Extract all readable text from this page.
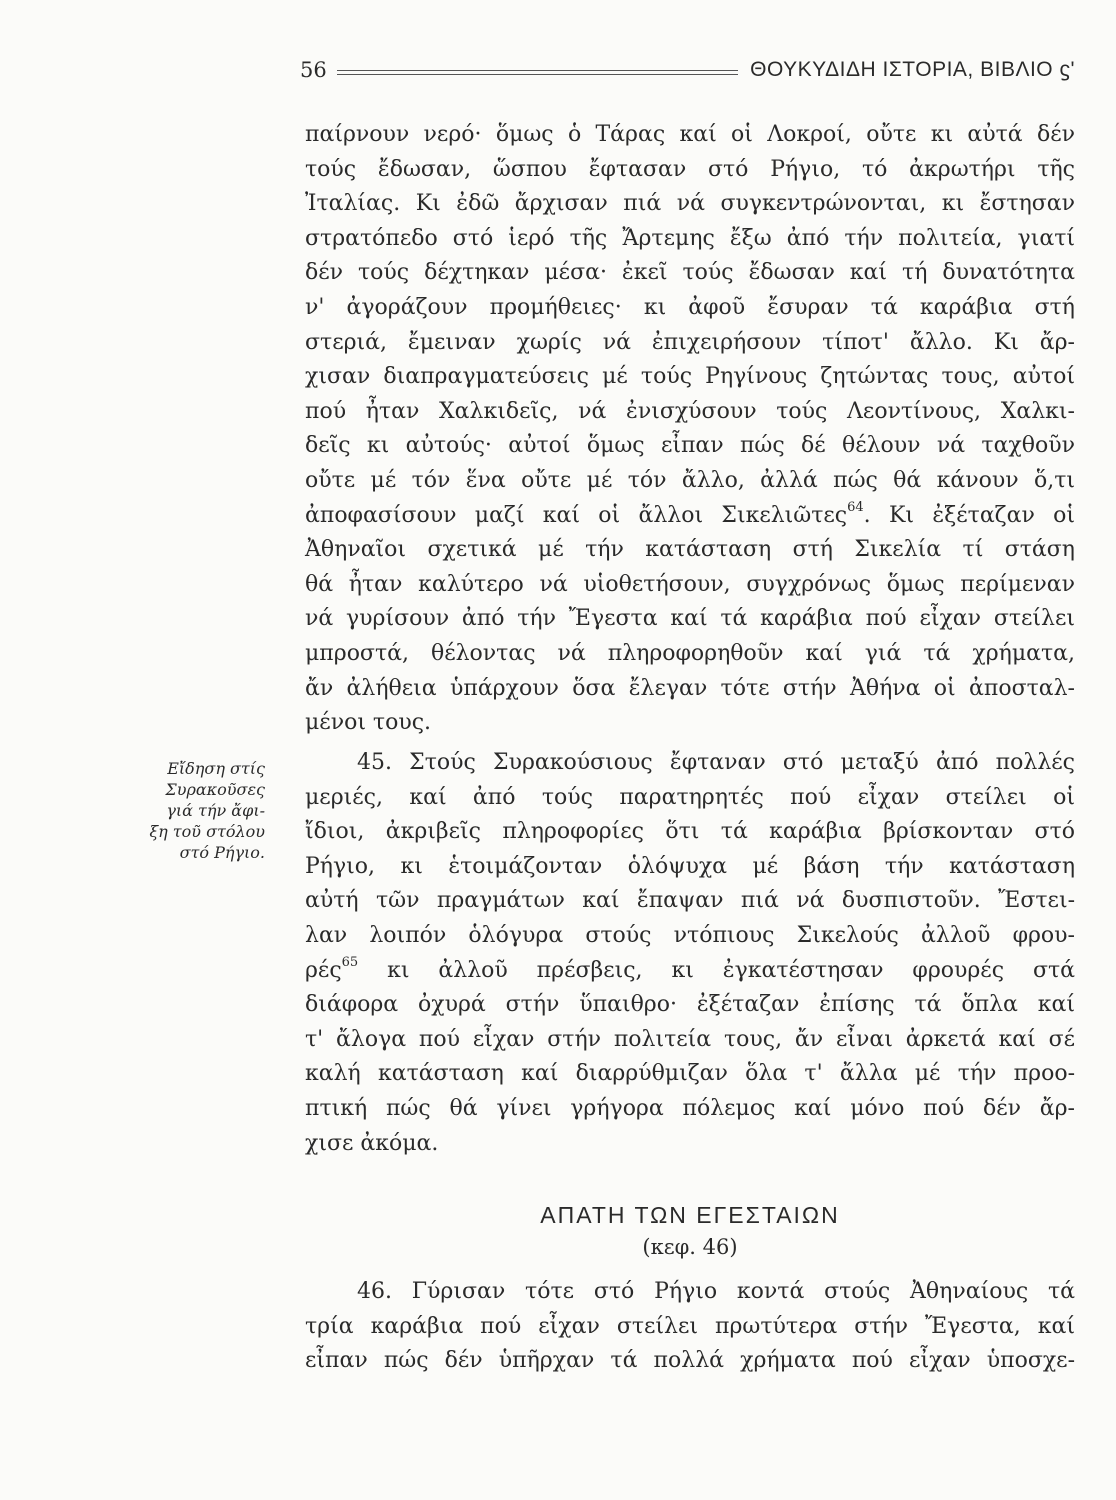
56	ΘΟΥΚΥΔΙΔΗ ΙΣΤΟΡΙΑ, ΒΙΒΛΙΟ ϛ'
Εἴδηση στίς
Συρακοῦσες
γιά τήν ἄφι-
ξη τοῦ στόλου
στό Ρήγιο.
παίρνουν νερό· ὅμως ὁ Τάρας καί οἱ Λοκροί, οὔτε κι αὐτά δέν
τούς ἔδωσαν, ὥσπου ἔφτασαν στό Ρήγιο, τό ἀκρωτήρι τῆς
Ἰταλίας. Κι ἐδῶ ἄρχισαν πιά νά συγκεντρώνονται, κι ἔστησαν
στρατόπεδο στό ἱερό τῆς Ἄρτεμης ἔξω ἀπό τήν πολιτεία, γιατί
δέν τούς δέχτηκαν μέσα· ἐκεῖ τούς ἔδωσαν καί τή δυνατότητα
ν' ἀγοράζουν προμήθειες· κι ἀφοῦ ἔσυραν τά καράβια στή
στεριά, ἔμειναν χωρίς νά ἐπιχειρήσουν τίποτ' ἄλλο. Κι ἄρ-
χισαν διαπραγματεύσεις μέ τούς Ρηγίνους ζητώντας τους, αὐτοί
πού ἦταν Χαλκιδεῖς, νά ἐνισχύσουν τούς Λεοντίνους, Χαλκι-
δεῖς κι αὐτούς· αὐτοί ὅμως εἶπαν πώς δέ θέλουν νά ταχθοῦν
οὔτε μέ τόν ἕνα οὔτε μέ τόν ἄλλο, ἀλλά πώς θά κάνουν ὅ,τι
ἀποφασίσουν μαζί καί οἱ ἄλλοι Σικελιῶτες$^{64}$. Κι ἐξέταζαν οἱ
Ἀθηναῖοι σχετικά μέ τήν κατάσταση στή Σικελία τί στάση
θά ἦταν καλύτερο νά υἱοθετήσουν, συγχρόνως ὅμως περίμεναν
νά γυρίσουν ἀπό τήν Ἔγεστα καί τά καράβια πού εἶχαν στείλει
μπροστά, θέλοντας νά πληροφορηθοῦν καί γιά τά χρήματα,
ἄν ἀλήθεια ὑπάρχουν ὅσα ἔλεγαν τότε στήν Ἀθήνα οἱ ἀποσταλ-
μένοι τους.
45. Στούς Συρακούσιους ἔφταναν στό μεταξύ ἀπό πολλές
μεριές, καί ἀπό τούς παρατηρητές πού εἶχαν στείλει οἱ
ἴδιοι, ἀκριβεῖς πληροφορίες ὅτι τά καράβια βρίσκονταν στό
Ρήγιο, κι ἑτοιμάζονταν ὁλόψυχα μέ βάση τήν κατάσταση
αὐτή τῶν πραγμάτων καί ἔπαψαν πιά νά δυσπιστοῦν. Ἔστει-
λαν λοιπόν ὁλόγυρα στούς ντόπιους Σικελούς ἀλλοῦ φρου-
ρές$^{65}$ κι ἀλλοῦ πρέσβεις, κι ἐγκατέστησαν φρουρές στά
διάφορα ὀχυρά στήν ὕπαιθρο· ἐξέταζαν ἐπίσης τά ὅπλα καί
τ' ἄλογα πού εἶχαν στήν πολιτεία τους, ἄν εἶναι ἀρκετά καί σέ
καλή κατάσταση καί διαρρύθμιζαν ὅλα τ' ἄλλα μέ τήν προο-
πτική πώς θά γίνει γρήγορα πόλεμος καί μόνο πού δέν ἄρ-
χισε ἀκόμα.
ΑΠΑΤΗ ΤΩΝ ΕΓΕΣΤΑΙΩΝ
(κεφ. 46)
46. Γύρισαν τότε στό Ρήγιο κοντά στούς Ἀθηναίους τά
τρία καράβια πού εἶχαν στείλει πρωτύτερα στήν Ἔγεστα, καί
εἶπαν πώς δέν ὑπῆρχαν τά πολλά χρήματα πού εἶχαν ὑποσχε-
